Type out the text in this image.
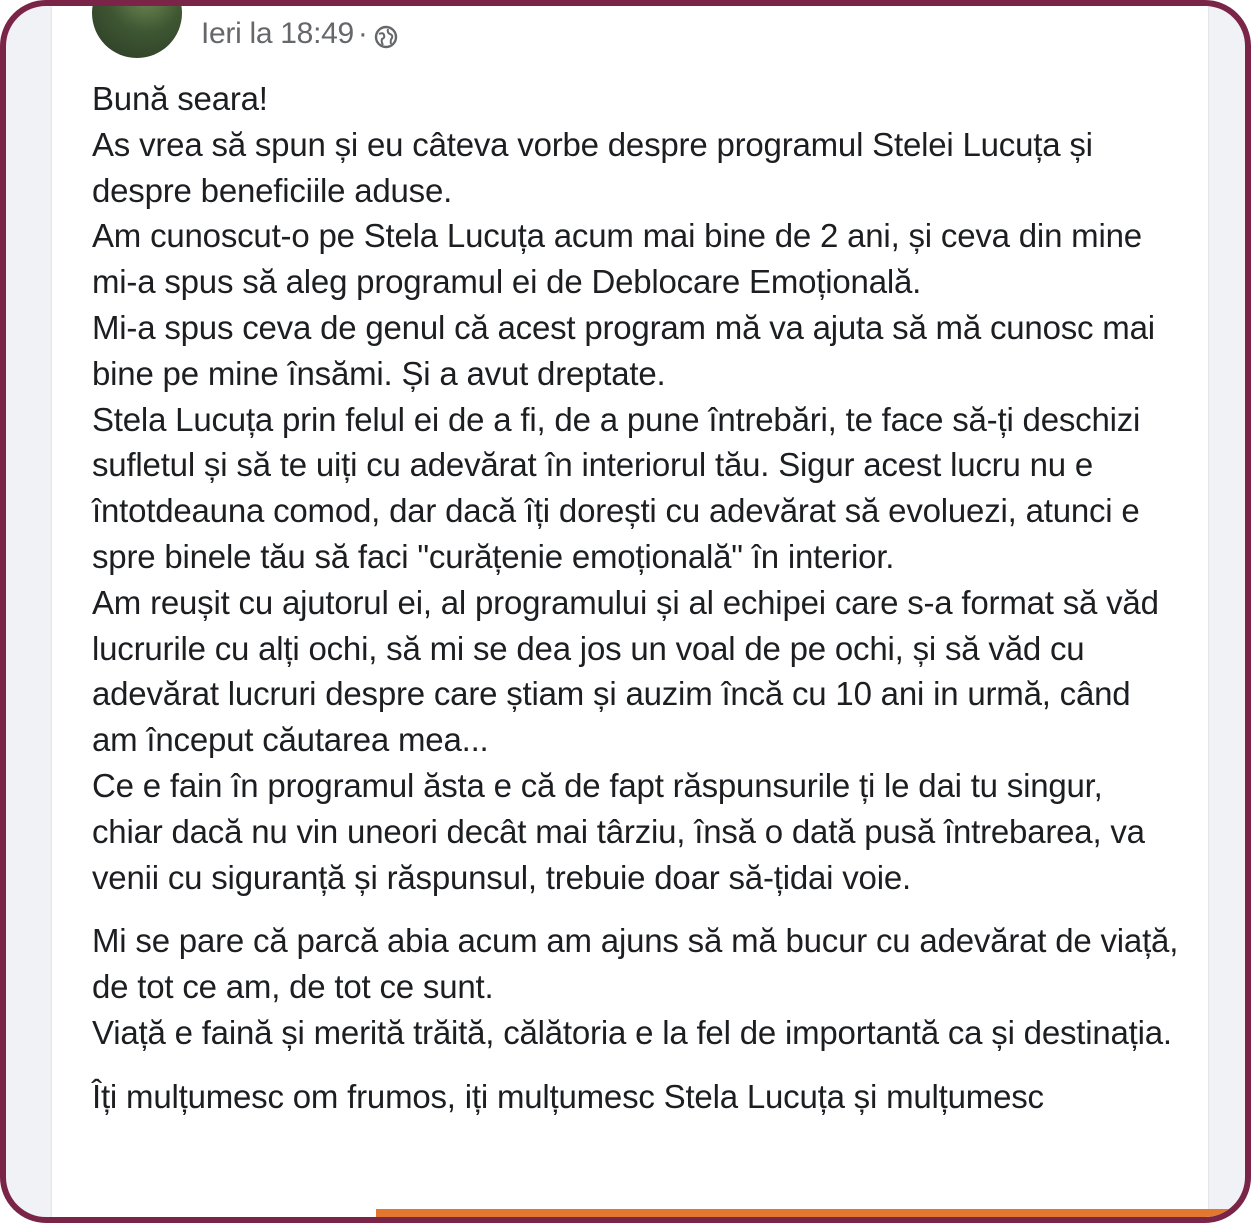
Ieri la 18:49 ·

Bună seara!
As vrea să spun și eu câteva vorbe despre programul Stelei Lucuța și despre beneficiile aduse.
Am cunoscut-o pe Stela Lucuța acum mai bine de 2 ani, și ceva din mine mi-a spus să aleg programul ei de Deblocare Emoțională.
Mi-a spus ceva de genul că acest program mă va ajuta să mă cunosc mai bine pe mine însămi. Și a avut dreptate.
Stela Lucuța prin felul ei de a fi, de a pune întrebări, te face să-ți deschizi sufletul și să te uiți cu adevărat în interiorul tău. Sigur acest lucru nu e întotdeauna comod, dar dacă îți dorești cu adevărat să evoluezi, atunci e spre binele tău să faci "curățenie emoțională" în interior.
Am reușit cu ajutorul ei, al programului și al echipei care s-a format să văd lucrurile cu alți ochi, să mi se dea jos un voal de pe ochi, și să văd cu adevărat lucruri despre care știam și auzim încă cu 10 ani in urmă, când am început căutarea mea...
Ce e fain în programul ăsta e că de fapt răspunsurile ți le dai tu singur, chiar dacă nu vin uneori decât mai târziu, însă o dată pusă întrebarea, va venii cu siguranță și răspunsul, trebuie doar să-țidai voie.

Mi se pare că parcă abia acum am ajuns să mă bucur cu adevărat de viață, de tot ce am, de tot ce sunt.
Viață e faină și merită trăită, călătoria e la fel de importantă ca și destinația.

Îți mulțumesc om frumos, iți mulțumesc Stela Lucuța și mulțumesc
